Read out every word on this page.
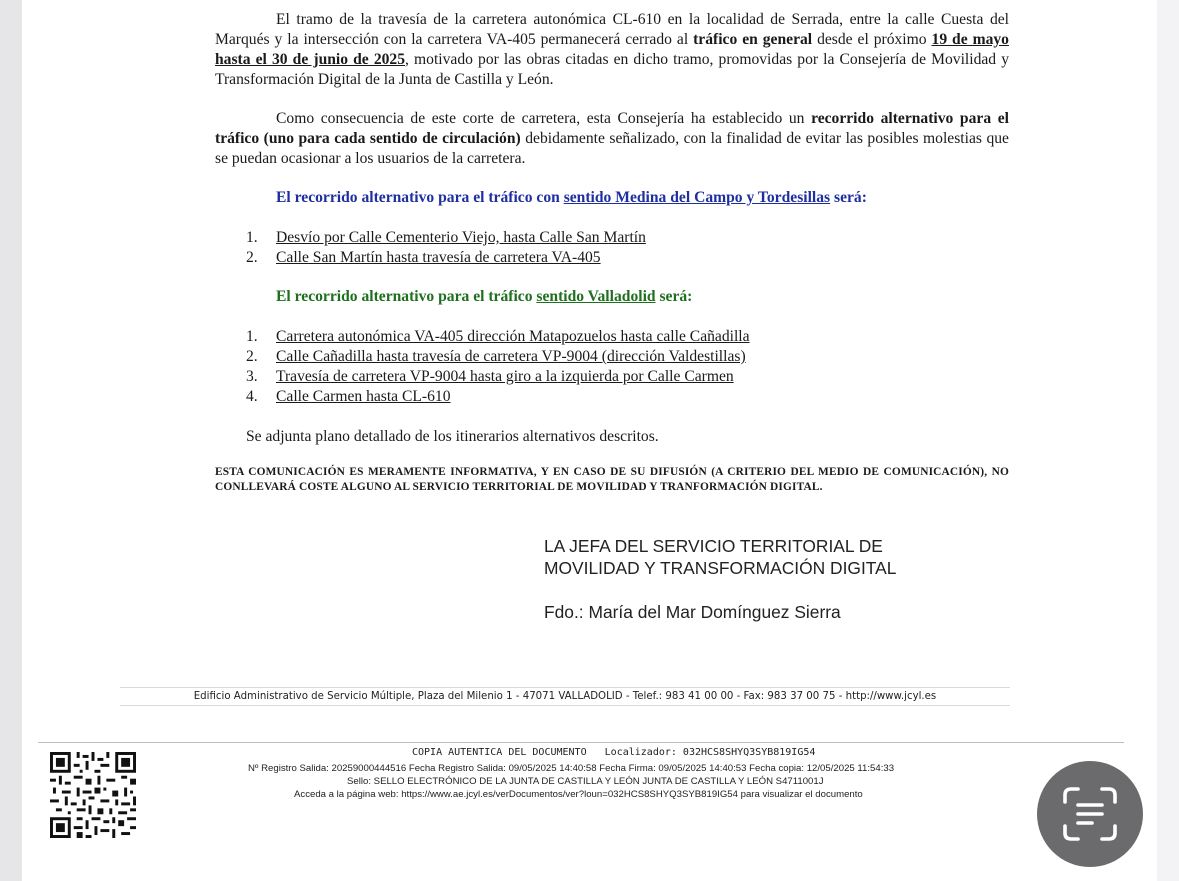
El tramo de la travesía de la carretera autonómica CL-610 en la localidad de Serrada, entre la calle Cuesta del Marqués y la intersección con la carretera VA-405 permanecerá cerrado al tráfico en general desde el próximo 19 de mayo hasta el 30 de junio de 2025, motivado por las obras citadas en dicho tramo, promovidas por la Consejería de Movilidad y Transformación Digital de la Junta de Castilla y León.

Como consecuencia de este corte de carretera, esta Consejería ha establecido un recorrido alternativo para el tráfico (uno para cada sentido de circulación) debidamente señalizado, con la finalidad de evitar las posibles molestias que se puedan ocasionar a los usuarios de la carretera.

El recorrido alternativo para el tráfico con sentido Medina del Campo y Tordesillas será:

1.	Desvío por Calle Cementerio Viejo, hasta Calle San Martín
2.	Calle San Martín hasta travesía de carretera VA-405

El recorrido alternativo para el tráfico sentido Valladolid será:

1.	Carretera autonómica VA-405 dirección Matapozuelos hasta calle Cañadilla
2.	Calle Cañadilla hasta travesía de carretera VP-9004 (dirección Valdestillas)
3.	Travesía de carretera VP-9004 hasta giro a la izquierda por Calle Carmen
4.	Calle Carmen hasta CL-610

Se adjunta plano detallado de los itinerarios alternativos descritos.

ESTA COMUNICACIÓN ES MERAMENTE INFORMATIVA, Y EN CASO DE SU DIFUSIÓN (A CRITERIO DEL MEDIO DE COMUNICACIÓN), NO CONLLEVARÁ COSTE ALGUNO AL SERVICIO TERRITORIAL DE MOVILIDAD Y TRANFORMACIÓN DIGITAL.

LA JEFA DEL SERVICIO TERRITORIAL DE

MOVILIDAD Y TRANSFORMACIÓN DIGITAL

Fdo.: María del Mar Domínguez Sierra

Edificio Administrativo de Servicio Múltiple, Plaza del Milenio 1 - 47071 VALLADOLID - Telef.: 983 41 00 00 - Fax: 983 37 00 75 - http://www.jcyl.es

COPIA AUTENTICA DEL DOCUMENTO   Localizador: 032HCS8SHYQ3SYB819IG54

Nº Registro Salida: 20259000444516 Fecha Registro Salida: 09/05/2025 14:40:58 Fecha Firma: 09/05/2025 14:40:53 Fecha copia: 12/05/2025 11:54:33

Sello: SELLO ELECTRÓNICO DE LA JUNTA DE CASTILLA Y LEÓN JUNTA DE CASTILLA Y LEÓN S4711001J

Acceda a la página web: https://www.ae.jcyl.es/verDocumentos/ver?loun=032HCS8SHYQ3SYB819IG54 para visualizar el documento
